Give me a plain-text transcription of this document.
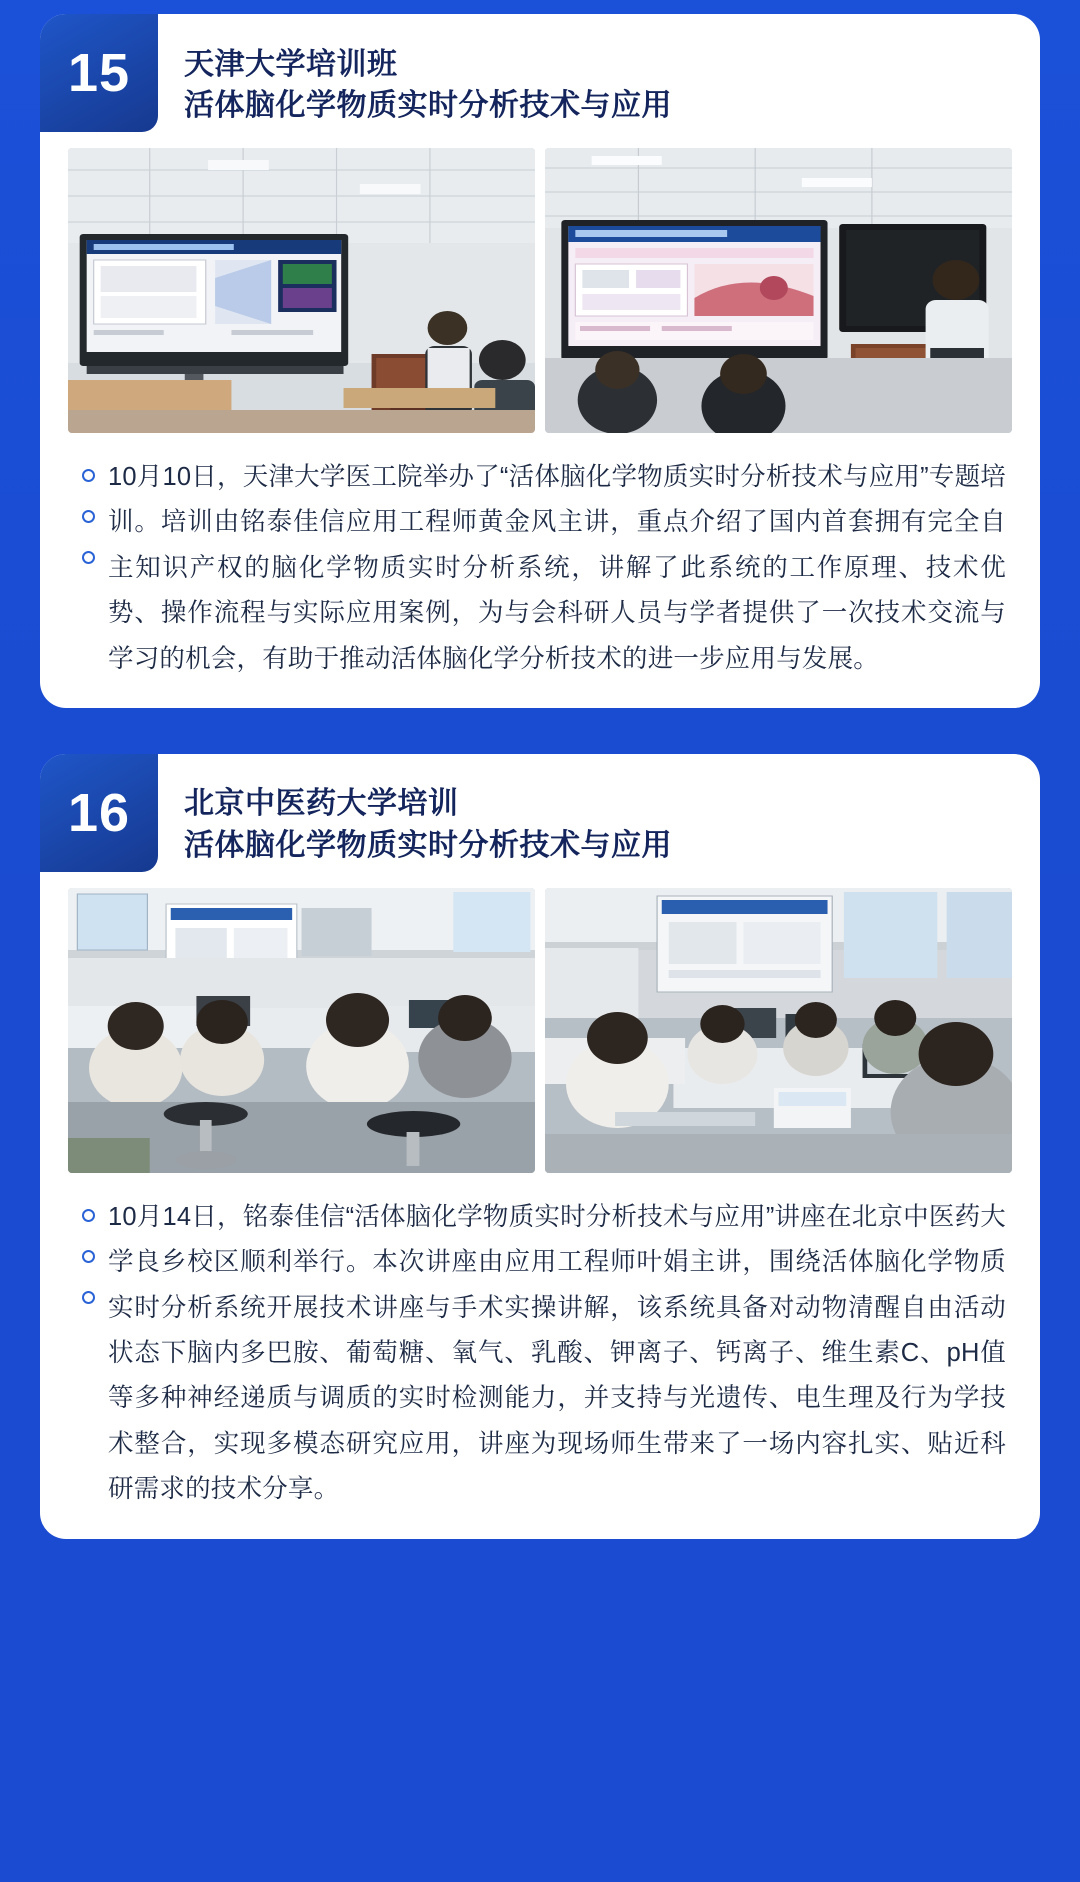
15 天津大学培训班
活体脑化学物质实时分析技术与应用
10月10日，天津大学医工院举办了“活体脑化学物质实时分析技术与应用”专题培训。培训由铭泰佳信应用工程师黄金风主讲，重点介绍了国内首套拥有完全自主知识产权的脑化学物质实时分析系统，讲解了此系统的工作原理、技术优势、操作流程与实际应用案例，为与会科研人员与学者提供了一次技术交流与学习的机会，有助于推动活体脑化学分析技术的进一步应用与发展。
16 北京中医药大学培训
活体脑化学物质实时分析技术与应用
10月14日，铭泰佳信“活体脑化学物质实时分析技术与应用”讲座在北京中医药大学良乡校区顺利举行。本次讲座由应用工程师叶娟主讲，围绕活体脑化学物质实时分析系统开展技术讲座与手术实操讲解，该系统具备对动物清醒自由活动状态下脑内多巴胺、葡萄糖、氧气、乳酸、钾离子、钙离子、维生素C、pH值等多种神经递质与调质的实时检测能力，并支持与光遗传、电生理及行为学技术整合，实现多模态研究应用，讲座为现场师生带来了一场内容扎实、贴近科研需求的技术分享。
